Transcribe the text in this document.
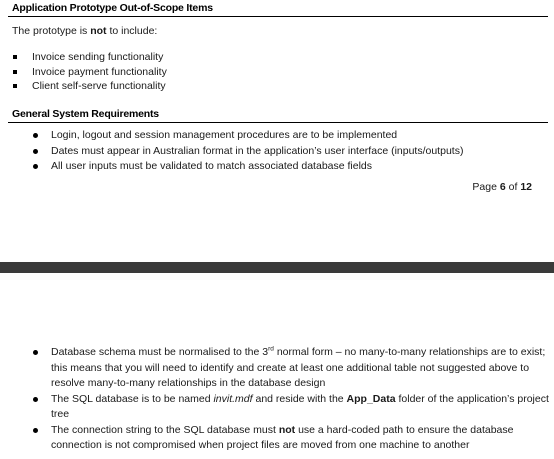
Application Prototype Out-of-Scope Items

The prototype is not to include:

Invoice sending functionality
Invoice payment functionality
Client self-serve functionality
General System Requirements
Login, logout and session management procedures are to be implemented
Dates must appear in Australian format in the application’s user interface (inputs/outputs)
All user inputs must be validated to match associated database fields
Page 6 of 12
Database schema must be normalised to the 3rd normal form – no many-to-many relationships are to exist; this means that you will need to identify and create at least one additional table not suggested above to resolve many-to-many relationships in the database design
The SQL database is to be named invit.mdf and reside with the App_Data folder of the application’s project tree
The connection string to the SQL database must not use a hard-coded path to ensure the database connection is not compromised when project files are moved from one machine to another
